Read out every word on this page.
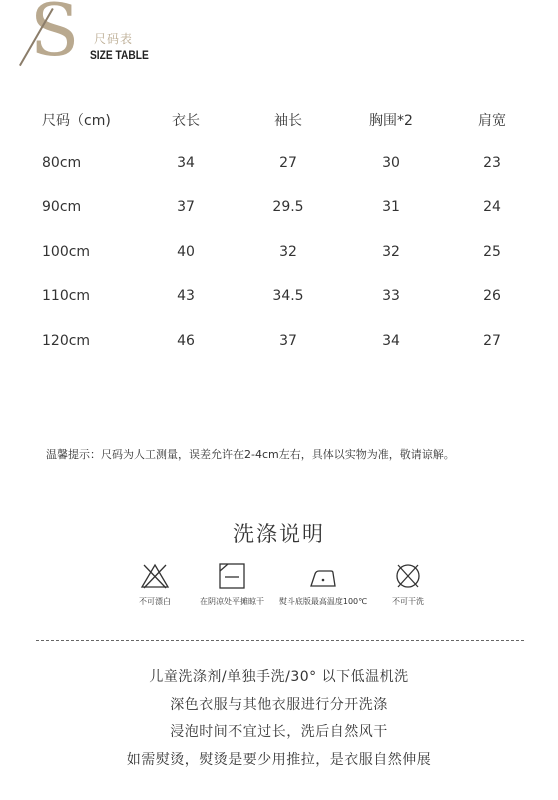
S 尺码表
SIZE TABLE
尺码（cm)	衣长	袖长	胸围*2	肩宽
80cm	34	27	30	23
90cm	37	29.5	31	24
100cm	40	32	32	25
110cm	43	34.5	33	26
120cm	46	37	34	27
温馨提示：尺码为人工测量，误差允许在2-4cm左右，具体以实物为准，敬请谅解。
洗涤说明
不可漂白	在阴凉处平摊晾干	熨斗底版最高温度100℃	不可干洗
儿童洗涤剂/单独手洗/30° 以下低温机洗
深色衣服与其他衣服进行分开洗涤
浸泡时间不宜过长，洗后自然风干
如需熨烫，熨烫是要少用推拉，是衣服自然伸展
